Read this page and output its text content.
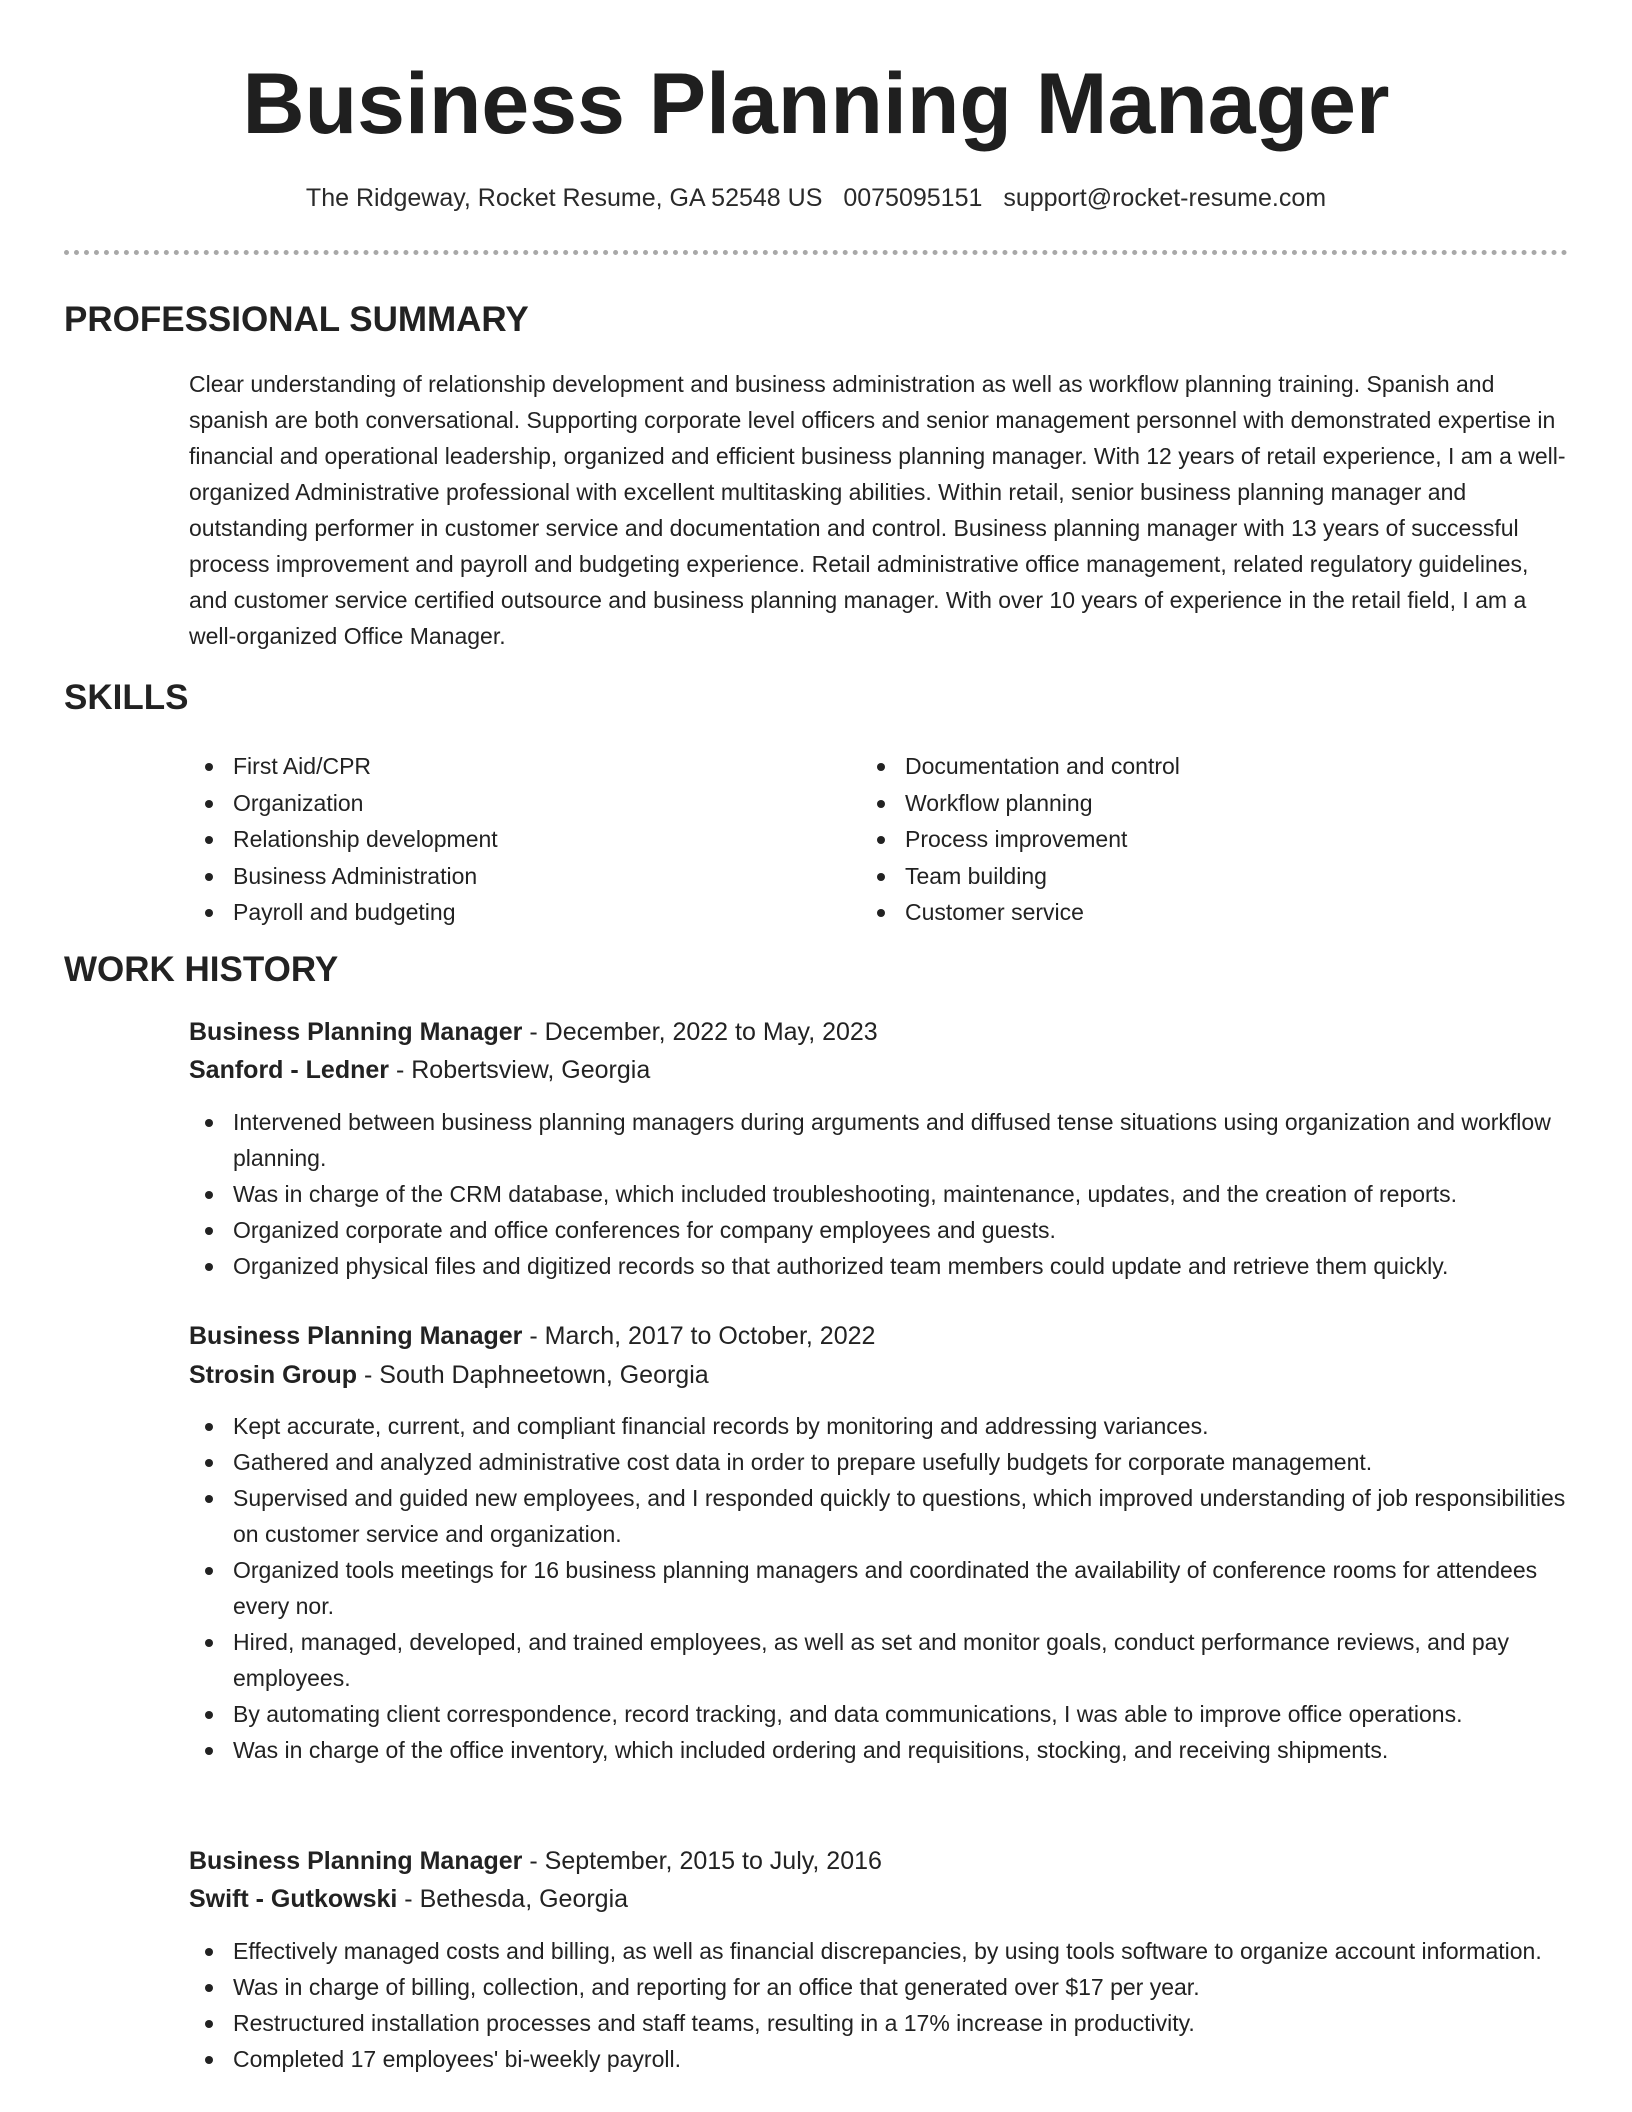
Business Planning Manager
The Ridgeway, Rocket Resume, GA 52548 US 0075095151 support@rocket-resume.com
PROFESSIONAL SUMMARY
Clear understanding of relationship development and business administration as well as workflow planning training. Spanish and spanish are both conversational. Supporting corporate level officers and senior management personnel with demonstrated expertise in financial and operational leadership, organized and efficient business planning manager. With 12 years of retail experience, I am a well-organized Administrative professional with excellent multitasking abilities. Within retail, senior business planning manager and outstanding performer in customer service and documentation and control. Business planning manager with 13 years of successful process improvement and payroll and budgeting experience. Retail administrative office management, related regulatory guidelines, and customer service certified outsource and business planning manager. With over 10 years of experience in the retail field, I am a well-organized Office Manager.
SKILLS
First Aid/CPR
Organization
Relationship development
Business Administration
Payroll and budgeting
Documentation and control
Workflow planning
Process improvement
Team building
Customer service
WORK HISTORY
Business Planning Manager - December, 2022 to May, 2023
Sanford - Ledner - Robertsview, Georgia
Intervened between business planning managers during arguments and diffused tense situations using organization and workflow planning.
Was in charge of the CRM database, which included troubleshooting, maintenance, updates, and the creation of reports.
Organized corporate and office conferences for company employees and guests.
Organized physical files and digitized records so that authorized team members could update and retrieve them quickly.
Business Planning Manager - March, 2017 to October, 2022
Strosin Group - South Daphneetown, Georgia
Kept accurate, current, and compliant financial records by monitoring and addressing variances.
Gathered and analyzed administrative cost data in order to prepare usefully budgets for corporate management.
Supervised and guided new employees, and I responded quickly to questions, which improved understanding of job responsibilities on customer service and organization.
Organized tools meetings for 16 business planning managers and coordinated the availability of conference rooms for attendees every nor.
Hired, managed, developed, and trained employees, as well as set and monitor goals, conduct performance reviews, and pay employees.
By automating client correspondence, record tracking, and data communications, I was able to improve office operations.
Was in charge of the office inventory, which included ordering and requisitions, stocking, and receiving shipments.
Business Planning Manager - September, 2015 to July, 2016
Swift - Gutkowski - Bethesda, Georgia
Effectively managed costs and billing, as well as financial discrepancies, by using tools software to organize account information.
Was in charge of billing, collection, and reporting for an office that generated over $17 per year.
Restructured installation processes and staff teams, resulting in a 17% increase in productivity.
Completed 17 employees' bi-weekly payroll.
